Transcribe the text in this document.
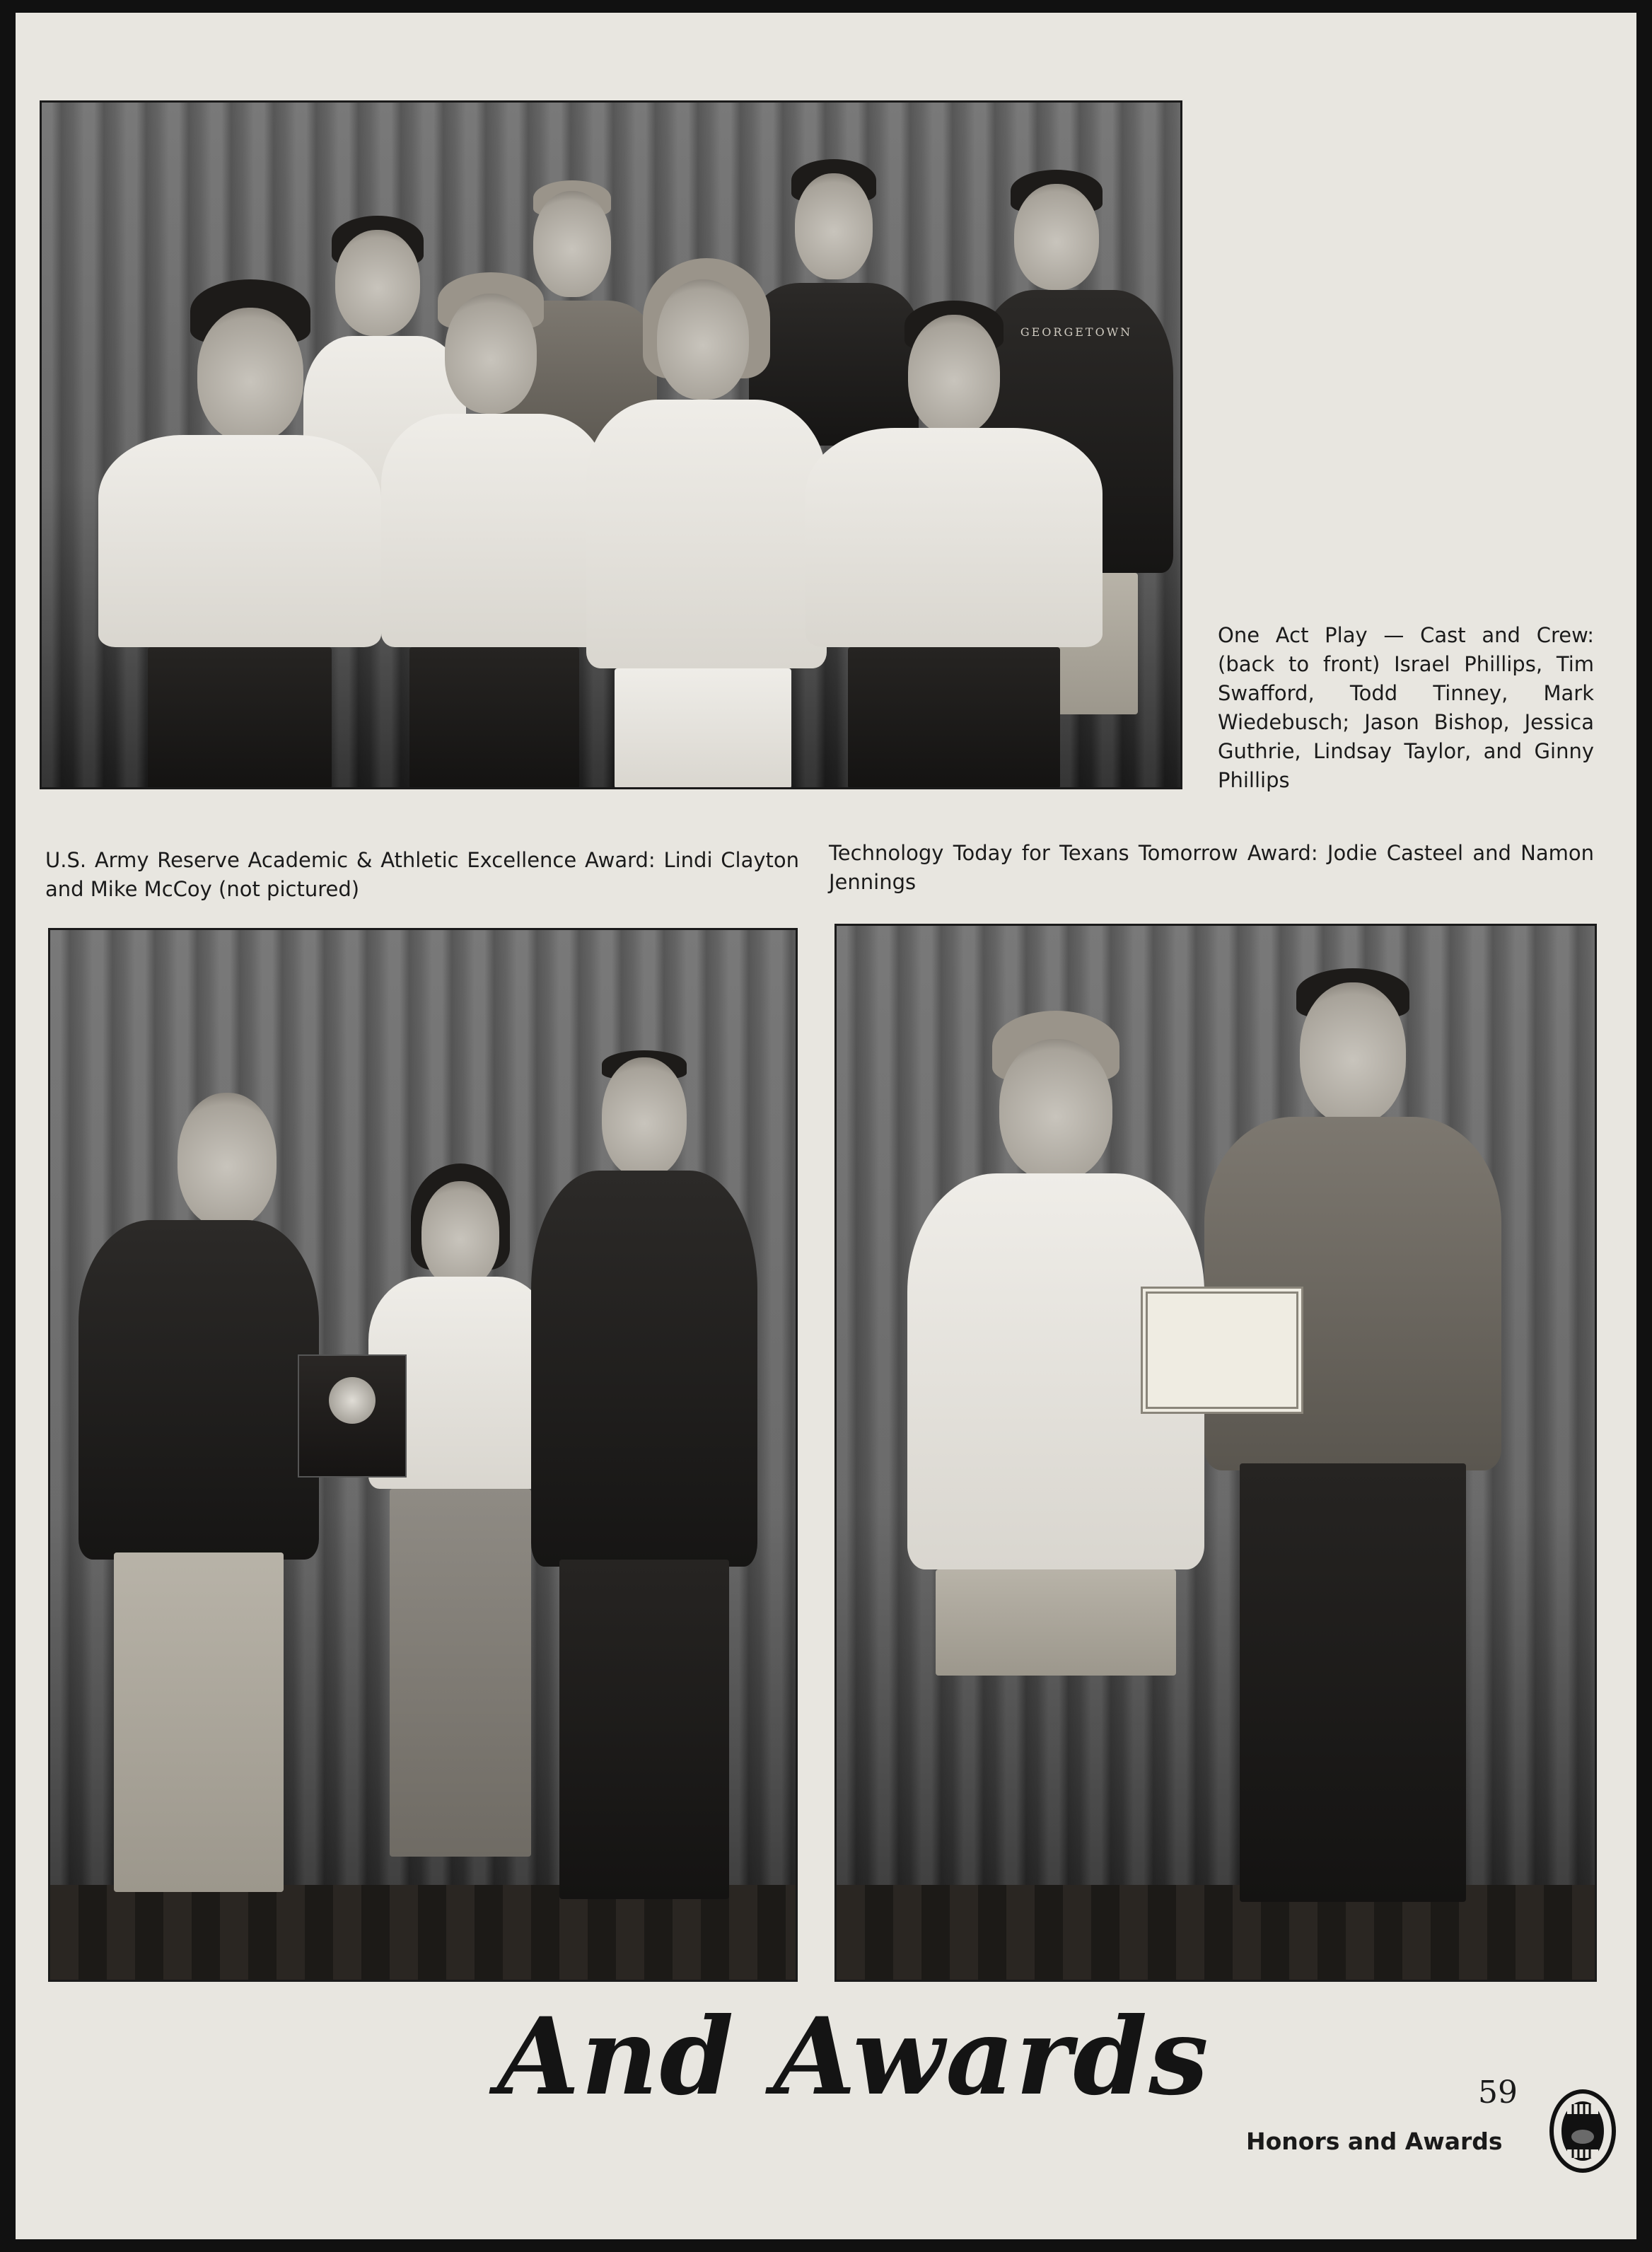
GEORGETOWN

One Act Play — Cast and Crew: (back to front) Israel Phillips, Tim Swafford, Todd Tinney, Mark Wiedebusch; Jason Bishop, Jessica Guthrie, Lindsay Taylor, and Ginny Phillips

U.S. Army Reserve Academic & Athletic Excellence Award: Lindi Clayton and Mike McCoy (not pictured)

Technology Today for Texans Tomorrow Award: Jodie Casteel and Namon Jennings

And Awards	59
Honors and Awards
